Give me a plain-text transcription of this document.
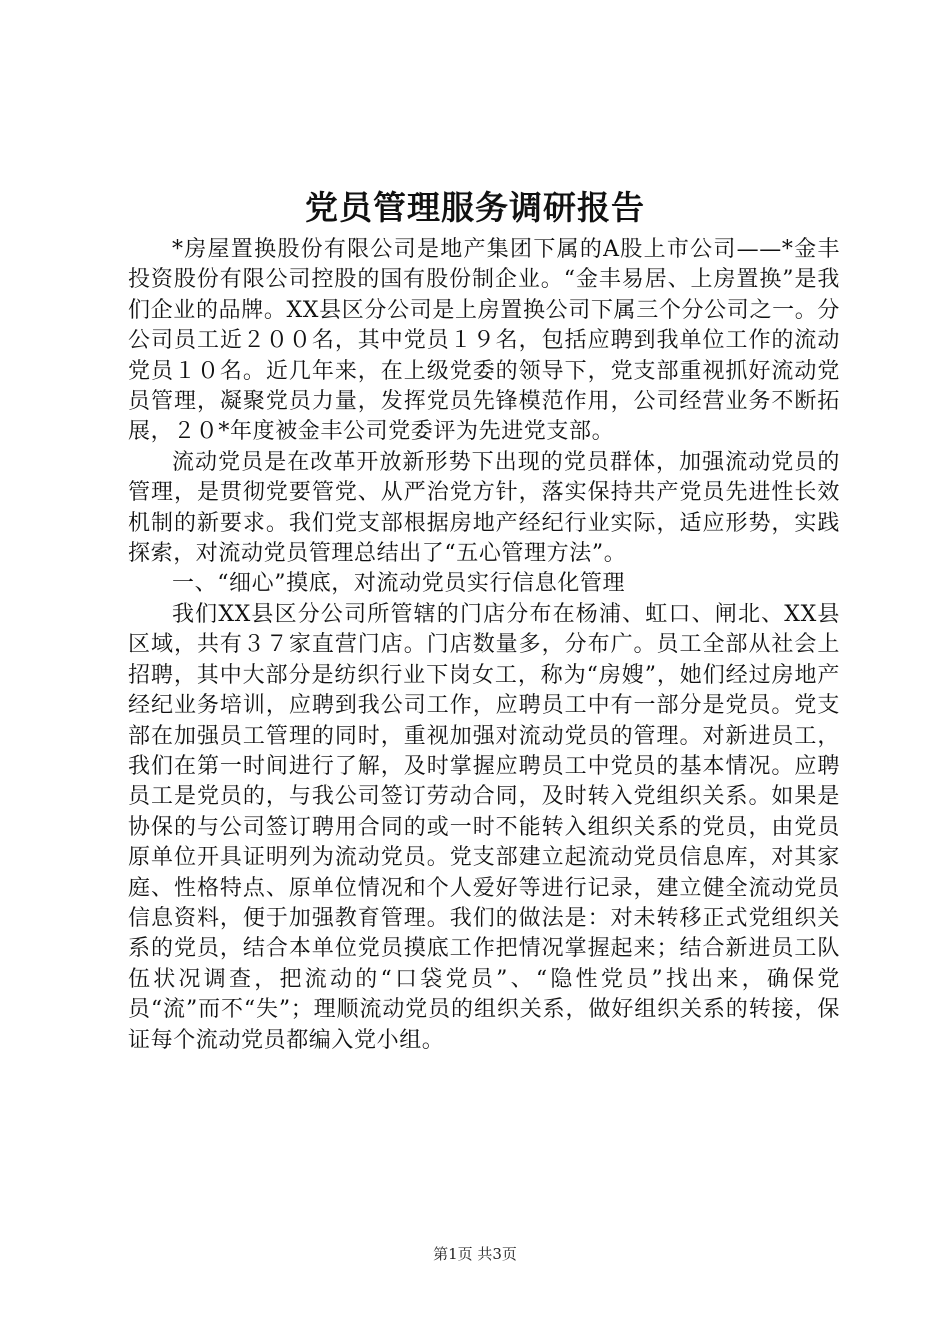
党员管理服务调研报告

*房屋置换股份有限公司是地产集团下属的A股上市公司——*金丰投资股份有限公司控股的国有股份制企业。“金丰易居、上房置换”是我们企业的品牌。XX县区分公司是上房置换公司下属三个分公司之一。分公司员工近２００名，其中党员１９名，包括应聘到我单位工作的流动党员１０名。近几年来，在上级党委的领导下，党支部重视抓好流动党员管理，凝聚党员力量，发挥党员先锋模范作用，公司经营业务不断拓展，２０*年度被金丰公司党委评为先进党支部。

流动党员是在改革开放新形势下出现的党员群体，加强流动党员的管理，是贯彻党要管党、从严治党方针，落实保持共产党员先进性长效机制的新要求。我们党支部根据房地产经纪行业实际，适应形势，实践探索，对流动党员管理总结出了“五心管理方法”。

一、“细心”摸底，对流动党员实行信息化管理

我们XX县区分公司所管辖的门店分布在杨浦、虹口、闸北、XX县区域，共有３７家直营门店。门店数量多，分布广。员工全部从社会上招聘，其中大部分是纺织行业下岗女工，称为“房嫂”，她们经过房地产经纪业务培训，应聘到我公司工作，应聘员工中有一部分是党员。党支部在加强员工管理的同时，重视加强对流动党员的管理。对新进员工，我们在第一时间进行了解，及时掌握应聘员工中党员的基本情况。应聘员工是党员的，与我公司签订劳动合同，及时转入党组织关系。如果是协保的与公司签订聘用合同的或一时不能转入组织关系的党员，由党员原单位开具证明列为流动党员。党支部建立起流动党员信息库，对其家庭、性格特点、原单位情况和个人爱好等进行记录，建立健全流动党员信息资料，便于加强教育管理。我们的做法是：对未转移正式党组织关系的党员，结合本单位党员摸底工作把情况掌握起来；结合新进员工队伍状况调查，把流动的“口袋党员”、“隐性党员”找出来，确保党员“流”而不“失”；理顺流动党员的组织关系，做好组织关系的转接，保证每个流动党员都编入党小组。

第1页 共3页
